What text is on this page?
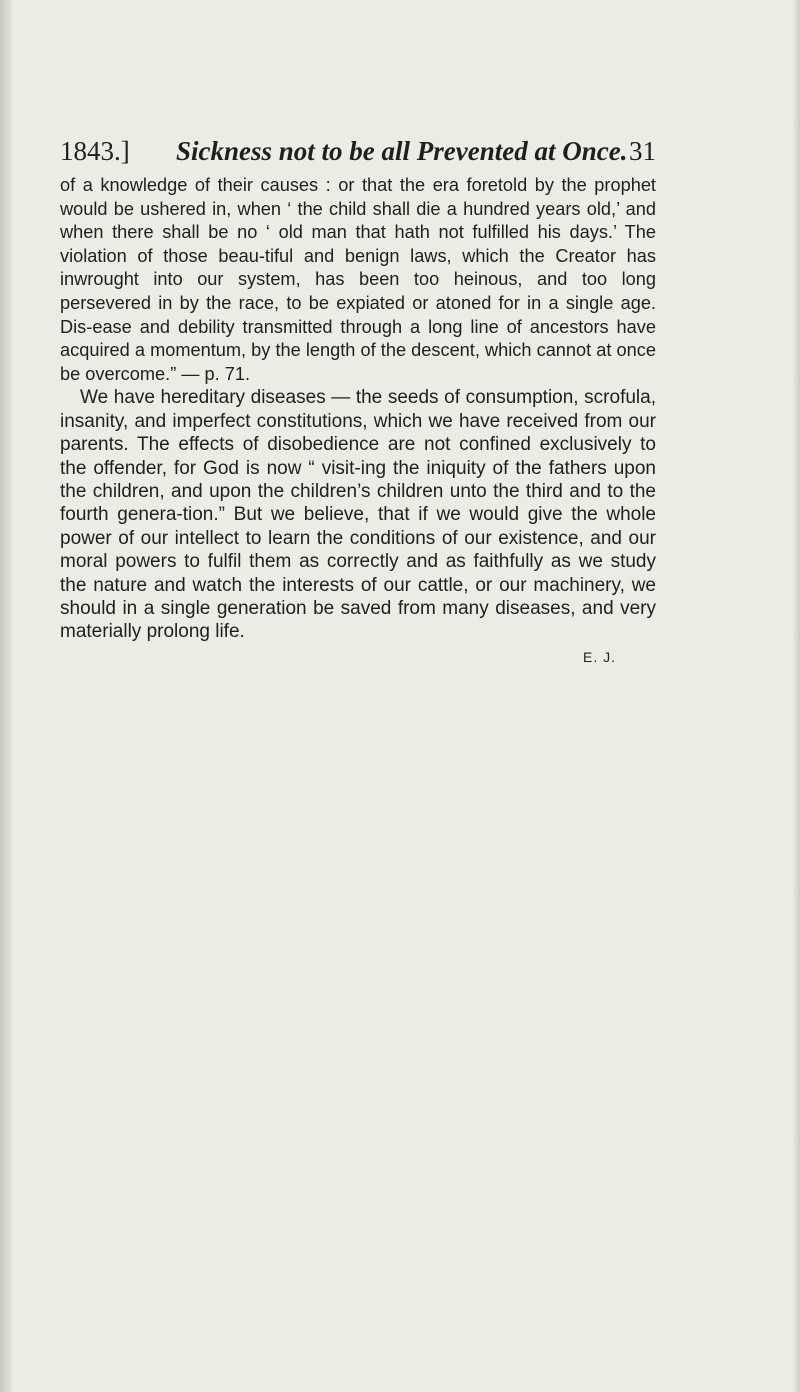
1843.] Sickness not to be all Prevented at Once. 31

of a knowledge of their causes : or that the era foretold by the prophet would be ushered in, when ‘ the child shall die a hundred years old,’ and when there shall be no ‘ old man that hath not fulfilled his days.’ The violation of those beau-tiful and benign laws, which the Creator has inwrought into our system, has been too heinous, and too long persevered in by the race, to be expiated or atoned for in a single age. Dis-ease and debility transmitted through a long line of ancestors have acquired a momentum, by the length of the descent, which cannot at once be overcome.” — p. 71.

We have hereditary diseases — the seeds of consumption, scrofula, insanity, and imperfect constitutions, which we have received from our parents. The effects of disobedience are not confined exclusively to the offender, for God is now “ visit-ing the iniquity of the fathers upon the children, and upon the children’s children unto the third and to the fourth genera-tion.” But we believe, that if we would give the whole power of our intellect to learn the conditions of our existence, and our moral powers to fulfil them as correctly and as faithfully as we study the nature and watch the interests of our cattle, or our machinery, we should in a single generation be saved from many diseases, and very materially prolong life.

E. J.
